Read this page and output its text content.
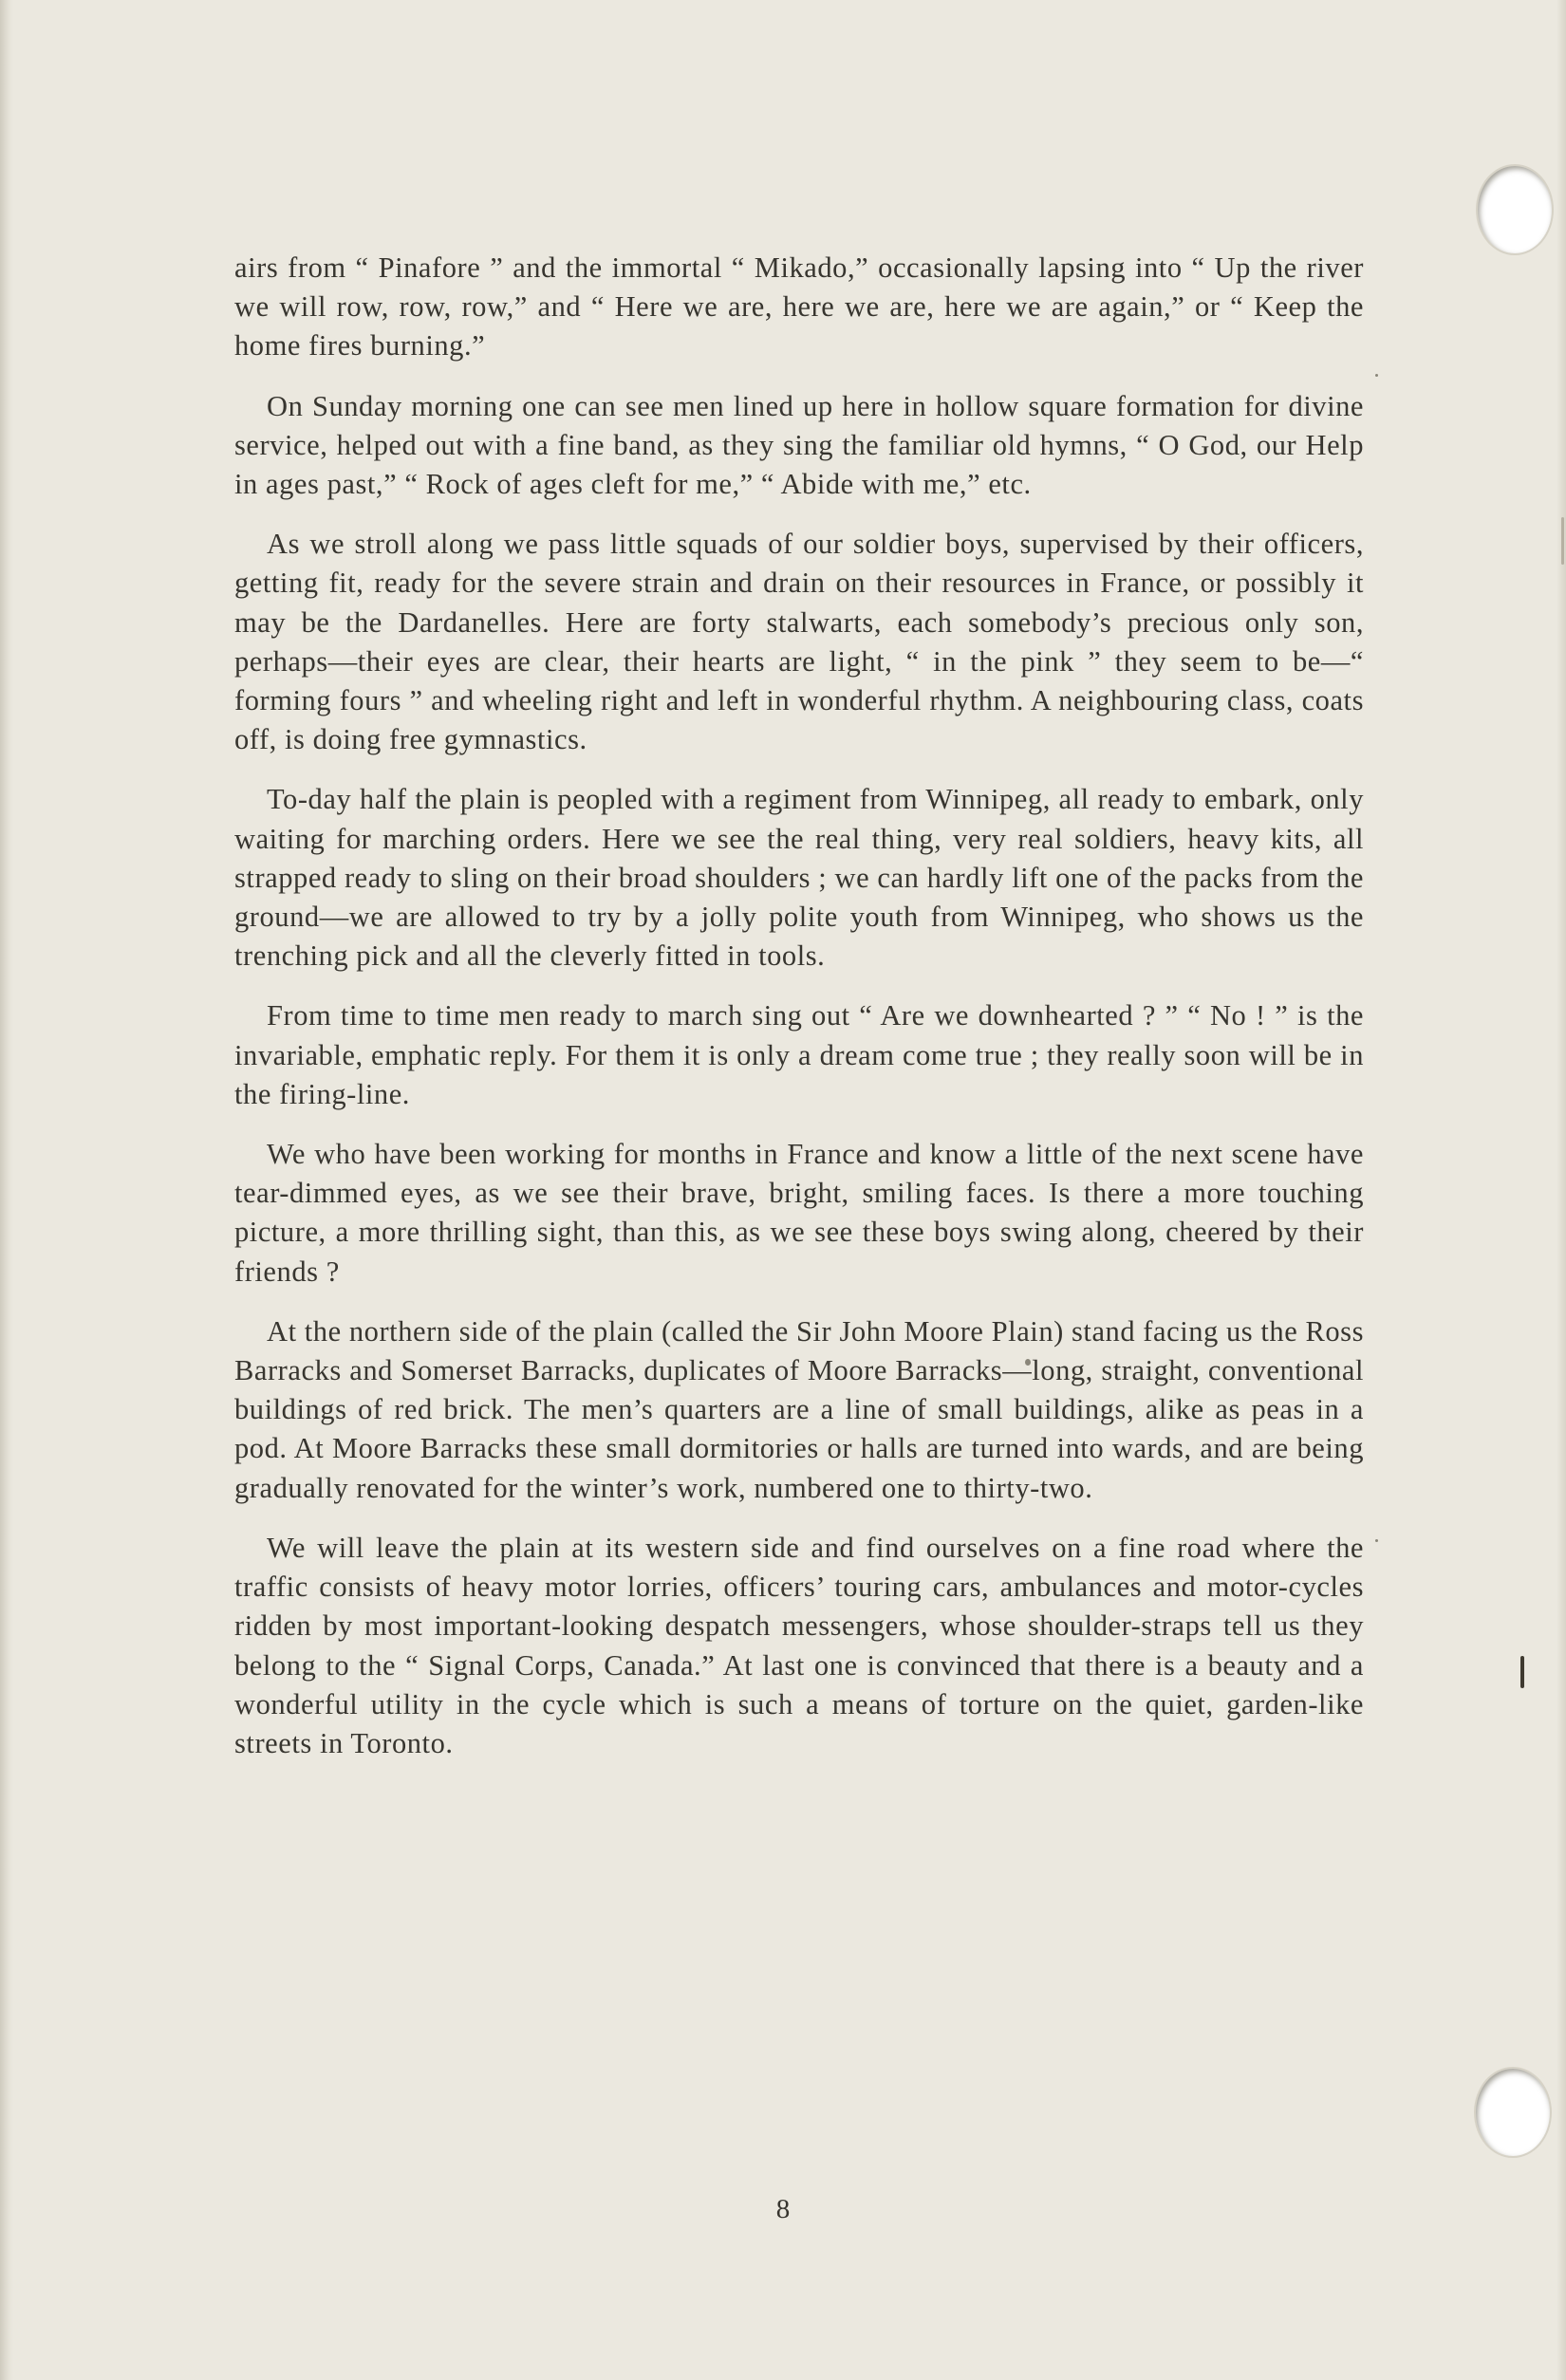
airs from “ Pinafore ” and the immortal “ Mikado,” occasionally lapsing into “ Up the river we will row, row, row,” and “ Here we are, here we are, here we are again,” or “ Keep the home fires burning.”

On Sunday morning one can see men lined up here in hollow square formation for divine service, helped out with a fine band, as they sing the familiar old hymns, “ O God, our Help in ages past,” “ Rock of ages cleft for me,” “ Abide with me,” etc.

As we stroll along we pass little squads of our soldier boys, supervised by their officers, getting fit, ready for the severe strain and drain on their resources in France, or possibly it may be the Dardanelles. Here are forty stalwarts, each somebody’s precious only son, perhaps—their eyes are clear, their hearts are light, “ in the pink ” they seem to be—“ forming fours ” and wheeling right and left in wonderful rhythm. A neighbouring class, coats off, is doing free gymnastics.

To-day half the plain is peopled with a regiment from Winnipeg, all ready to embark, only waiting for marching orders. Here we see the real thing, very real soldiers, heavy kits, all strapped ready to sling on their broad shoulders ; we can hardly lift one of the packs from the ground—we are allowed to try by a jolly polite youth from Winnipeg, who shows us the trenching pick and all the cleverly fitted in tools.

From time to time men ready to march sing out “ Are we downhearted ? ” “ No ! ” is the invariable, emphatic reply. For them it is only a dream come true ; they really soon will be in the firing-line.

We who have been working for months in France and know a little of the next scene have tear-dimmed eyes, as we see their brave, bright, smiling faces. Is there a more touching picture, a more thrilling sight, than this, as we see these boys swing along, cheered by their friends ?

At the northern side of the plain (called the Sir John Moore Plain) stand facing us the Ross Barracks and Somerset Barracks, duplicates of Moore Barracks—long, straight, conventional buildings of red brick. The men’s quarters are a line of small buildings, alike as peas in a pod. At Moore Barracks these small dormitories or halls are turned into wards, and are being gradually renovated for the winter’s work, numbered one to thirty-two.

We will leave the plain at its western side and find ourselves on a fine road where the traffic consists of heavy motor lorries, officers’ touring cars, ambulances and motor-cycles ridden by most important-looking despatch messengers, whose shoulder-straps tell us they belong to the “ Signal Corps, Canada.” At last one is convinced that there is a beauty and a wonderful utility in the cycle which is such a means of torture on the quiet, garden-like streets in Toronto.

8
